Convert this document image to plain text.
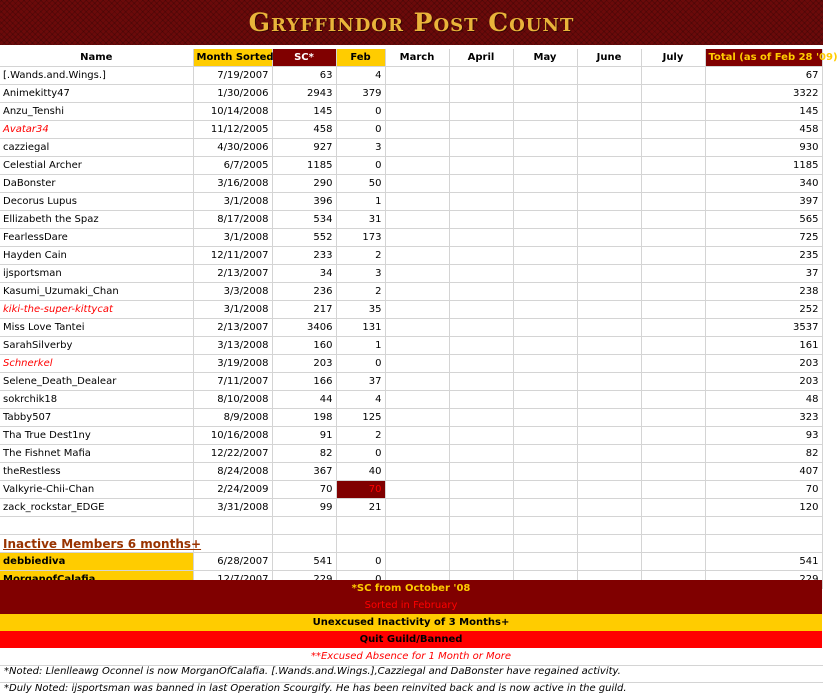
Gryffindor Post Count
Name	Month Sorted	SC*	Feb	March	April	May	June	July	Total (as of Feb 28 '09)
[.Wands.and.Wings.]	7/19/2007	63	4						67
Animekitty47	1/30/2006	2943	379						3322
Anzu_Tenshi	10/14/2008	145	0						145
Avatar34	11/12/2005	458	0						458
cazziegal	4/30/2006	927	3						930
Celestial Archer	6/7/2005	1185	0						1185
DaBonster	3/16/2008	290	50						340
Decorus Lupus	3/1/2008	396	1						397
Ellizabeth the Spaz	8/17/2008	534	31						565
FearlessDare	3/1/2008	552	173						725
Hayden Cain	12/11/2007	233	2						235
ijsportsman	2/13/2007	34	3						37
Kasumi_Uzumaki_Chan	3/3/2008	236	2						238
kiki-the-super-kittycat	3/1/2008	217	35						252
Miss Love Tantei	2/13/2007	3406	131						3537
SarahSilverby	3/13/2008	160	1						161
Schnerkel	3/19/2008	203	0						203
Selene_Death_Dealear	7/11/2007	166	37						203
sokrchik18	8/10/2008	44	4						48
Tabby507	8/9/2008	198	125						323
Tha True Dest1ny	10/16/2008	91	2						93
The Fishnet Mafia	12/22/2007	82	0						82
theRestless	8/24/2008	367	40						407
Valkyrie-Chii-Chan	2/24/2009	70	70						70
zack_rockstar_EDGE	3/31/2008	99	21						120

Inactive Members 6 months+									
debbiediva	6/28/2007	541	0						541

*SC from October '08
Sorted in February
Unexcused Inactivity of 3 Months+
Quit Guild/Banned
**Excused Absence for 1 Month or More
*Noted: Llenlleawg Oconnel is now MorganOfCalafia. [.Wands.and.Wings.],Cazziegal and DaBonster have regained activity.
*Duly Noted: ijsportsman was banned in last Operation Scourgify. He has been reinvited back and is now active in the guild.
